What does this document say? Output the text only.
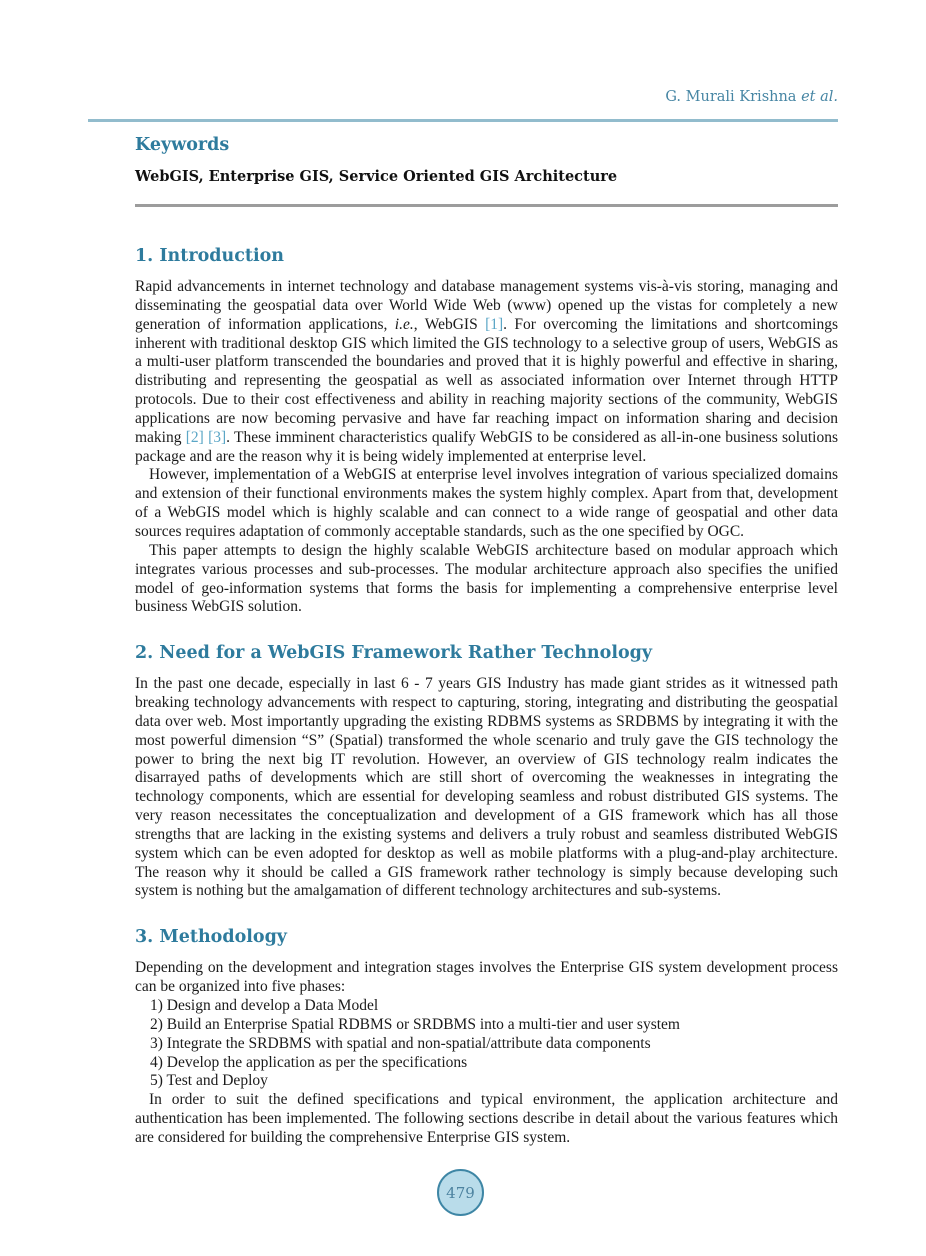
G. Murali Krishna et al.
Keywords
WebGIS, Enterprise GIS, Service Oriented GIS Architecture
1. Introduction

Rapid advancements in internet technology and database management systems vis-à-vis storing, managing and disseminating the geospatial data over World Wide Web (www) opened up the vistas for completely a new generation of information applications, i.e., WebGIS [1]. For overcoming the limitations and shortcomings inherent with traditional desktop GIS which limited the GIS technology to a selective group of users, WebGIS as a multi-user platform transcended the boundaries and proved that it is highly powerful and effective in sharing, distributing and representing the geospatial as well as associated information over Internet through HTTP protocols. Due to their cost effectiveness and ability in reaching majority sections of the community, WebGIS applications are now becoming pervasive and have far reaching impact on information sharing and decision making [2] [3]. These imminent characteristics qualify WebGIS to be considered as all-in-one business solutions package and are the reason why it is being widely implemented at enterprise level.

However, implementation of a WebGIS at enterprise level involves integration of various specialized domains and extension of their functional environments makes the system highly complex. Apart from that, development of a WebGIS model which is highly scalable and can connect to a wide range of geospatial and other data sources requires adaptation of commonly acceptable standards, such as the one specified by OGC.

This paper attempts to design the highly scalable WebGIS architecture based on modular approach which integrates various processes and sub-processes. The modular architecture approach also specifies the unified model of geo-information systems that forms the basis for implementing a comprehensive enterprise level business WebGIS solution.

2. Need for a WebGIS Framework Rather Technology

In the past one decade, especially in last 6 - 7 years GIS Industry has made giant strides as it witnessed path breaking technology advancements with respect to capturing, storing, integrating and distributing the geospatial data over web. Most importantly upgrading the existing RDBMS systems as SRDBMS by integrating it with the most powerful dimension “S” (Spatial) transformed the whole scenario and truly gave the GIS technology the power to bring the next big IT revolution. However, an overview of GIS technology realm indicates the disarrayed paths of developments which are still short of overcoming the weaknesses in integrating the technology components, which are essential for developing seamless and robust distributed GIS systems. The very reason necessitates the conceptualization and development of a GIS framework which has all those strengths that are lacking in the existing systems and delivers a truly robust and seamless distributed WebGIS system which can be even adopted for desktop as well as mobile platforms with a plug-and-play architecture. The reason why it should be called a GIS framework rather technology is simply because developing such system is nothing but the amalgamation of different technology architectures and sub-systems.

3. Methodology

Depending on the development and integration stages involves the Enterprise GIS system development process can be organized into five phases:

1) Design and develop a Data Model
2) Build an Enterprise Spatial RDBMS or SRDBMS into a multi-tier and user system
3) Integrate the SRDBMS with spatial and non-spatial/attribute data components
4) Develop the application as per the specifications
5) Test and Deploy

In order to suit the defined specifications and typical environment, the application architecture and authentication has been implemented. The following sections describe in detail about the various features which are considered for building the comprehensive Enterprise GIS system.

479
